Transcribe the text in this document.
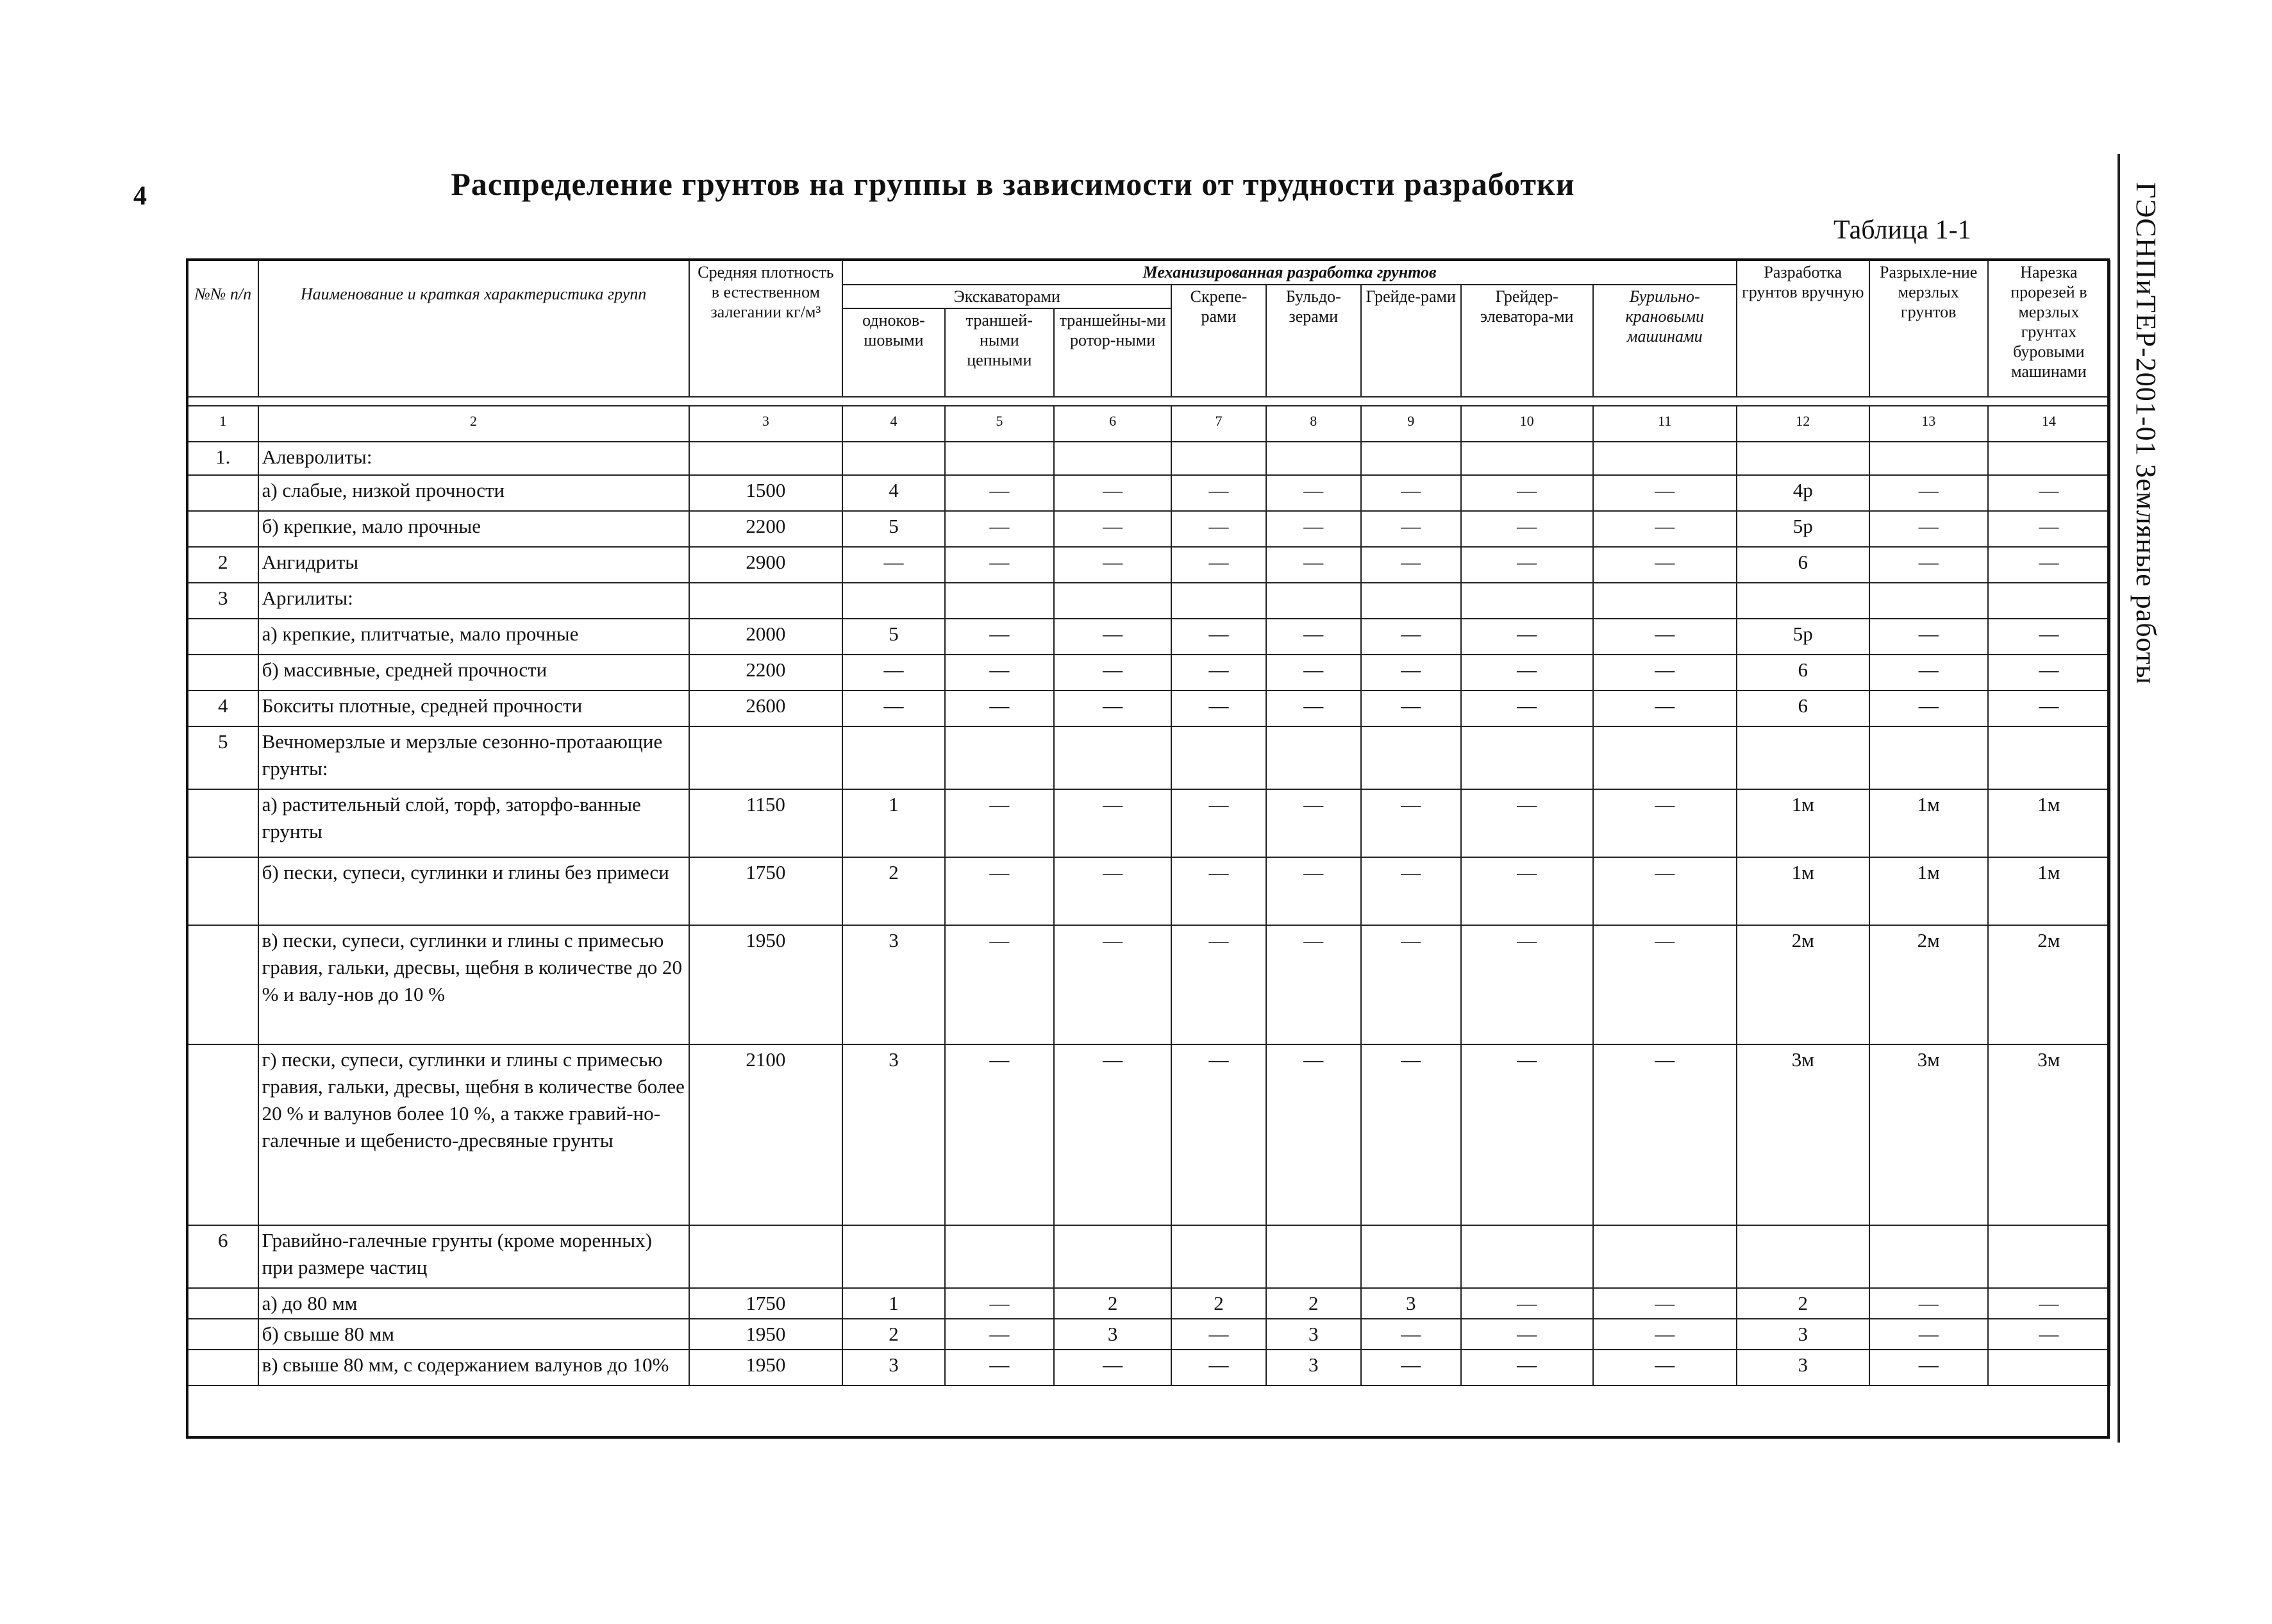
4	Распределение грунтов на группы в зависимости от трудности разработки
Таблица 1-1	ГЭСНПиТЕР-2001-01 Земляные работы
№№ п/п	Наименование и краткая характеристика групп	Средняя плотность в естественном залегании кг/м³	Механизированная разработка грунтов								Разработка грунтов вручную	Разрыхле-ние мерзлых грунтов	Нарезка прорезей в мерзлых грунтах буровыми машинами
			Экскаваторами			Скрепе-рами	Бульдо-зерами	Грейде-рами	Грейдер-элеватора-ми	Бурильно-крановыми машинами			
			одноков-шовыми	траншей-ными цепными	траншейны-ми ротор-ными								

1	2	3	4	5	6	7	8	9	10	11	12	13	14
1.	Алевролиты:												
	а) слабые, низкой прочности	1500	4	—	—	—	—	—	—	—	4р	—	—
	б) крепкие, мало прочные	2200	5	—	—	—	—	—	—	—	5р	—	—
2	Ангидриты	2900	—	—	—	—	—	—	—	—	6	—	—
3	Аргилиты:												
	а) крепкие, плитчатые, мало прочные	2000	5	—	—	—	—	—	—	—	5р	—	—
	б) массивные, средней прочности	2200	—	—	—	—	—	—	—	—	6	—	—
4	Бокситы плотные, средней прочности	2600	—	—	—	—	—	—	—	—	6	—	—
5	Вечномерзлые и мерзлые сезонно-протаающие грунты:												
	а) растительный слой, торф, заторфо-ванные грунты	1150	1	—	—	—	—	—	—	—	1м	1м	1м
	б) пески, супеси, суглинки и глины без примеси	1750	2	—	—	—	—	—	—	—	1м	1м	1м
	в) пески, супеси, суглинки и глины с примесью гравия, гальки, дресвы, щебня в количестве до 20 % и валу-нов до 10 %	1950	3	—	—	—	—	—	—	—	2м	2м	2м
	г) пески, супеси, суглинки и глины с примесью гравия, гальки, дресвы, щебня в количестве более 20 % и валунов более 10 %, а также гравий-но-галечные и щебенисто-дресвяные грунты	2100	3	—	—	—	—	—	—	—	3м	3м	3м
6	Гравийно-галечные грунты (кроме моренных) при размере частиц												
	а) до 80 мм	1750	1	—	2	2	2	3	—	—	2	—	—
	б) свыше 80 мм	1950	2	—	3	—	3	—	—	—	3	—	—
	в) свыше 80 мм, с содержанием валунов до 10%	1950	3	—	—	—	3	—	—	—	3	—	
